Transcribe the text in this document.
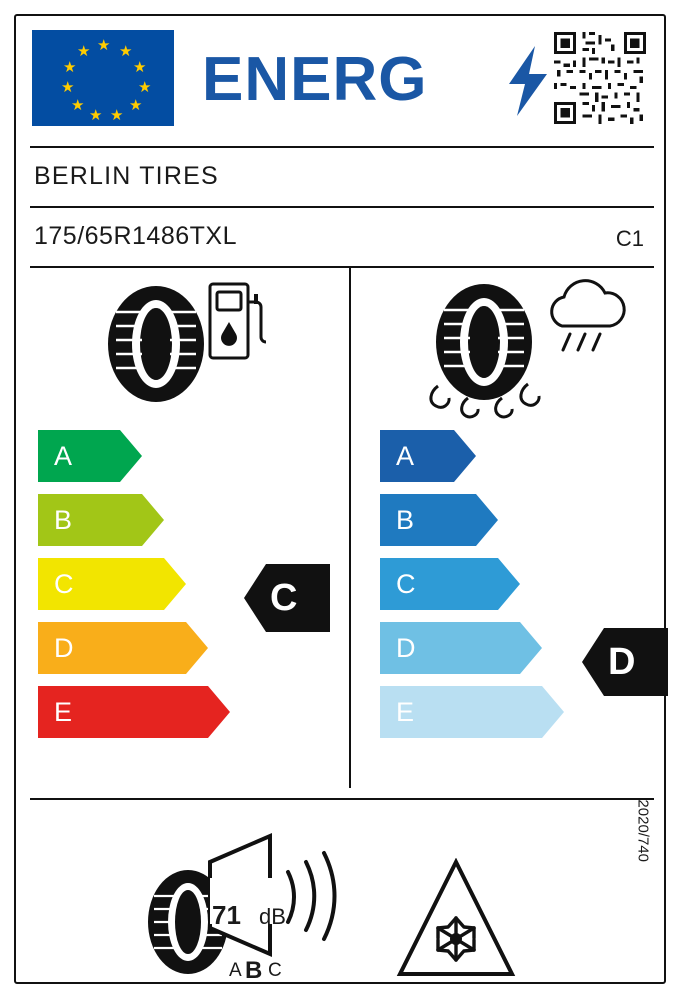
★ ★
★
★
★
★
★
★
★
★
★ ENERG
BERLIN TIRES
175/65R1486TXL	C1
A
B
C
D
E
C
A
B
C
D
E
D
71 dB
A B C
2020/740
